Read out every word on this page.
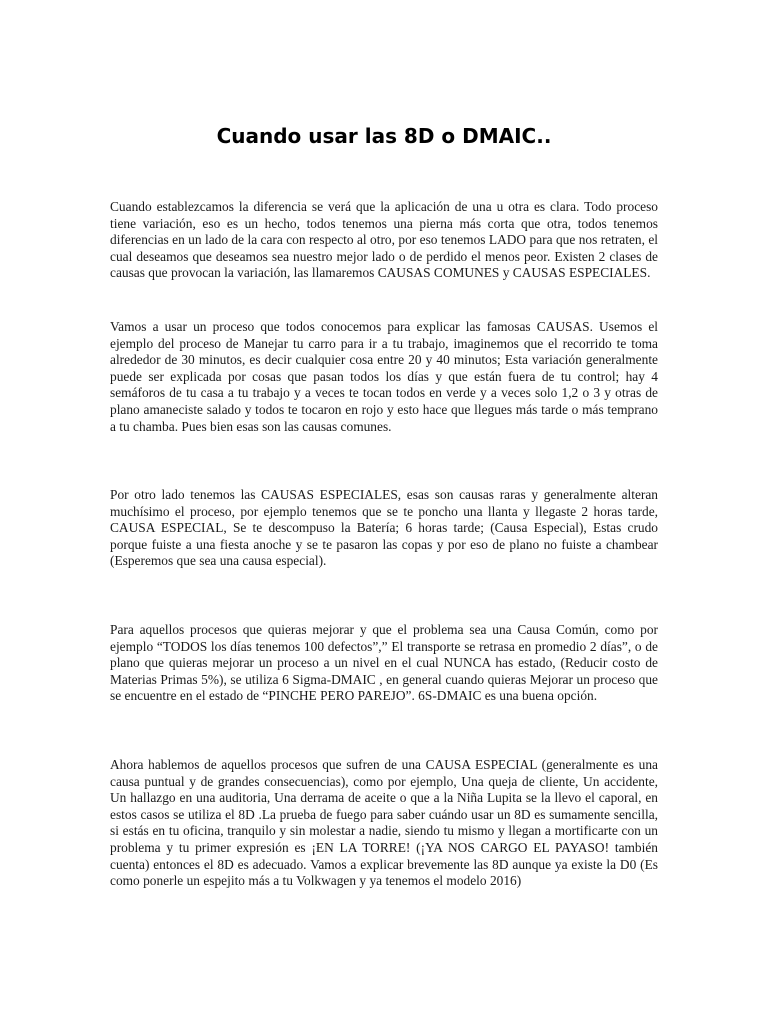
Cuando usar las 8D o DMAIC..

Cuando establezcamos la diferencia se verá que la aplicación de una u otra es clara. Todo proceso tiene variación, eso es un hecho, todos tenemos una pierna más corta que otra, todos tenemos diferencias en un lado de la cara con respecto al otro, por eso tenemos LADO para que nos retraten, el cual deseamos que deseamos sea nuestro mejor lado o de perdido el menos peor. Existen 2 clases de causas que provocan la variación, las llamaremos CAUSAS COMUNES y CAUSAS ESPECIALES.

Vamos a usar un proceso que todos conocemos para explicar las famosas CAUSAS. Usemos el ejemplo del proceso de Manejar tu carro para ir a tu trabajo, imaginemos que el recorrido te toma alrededor de 30 minutos, es decir cualquier cosa entre 20 y 40 minutos; Esta variación generalmente puede ser explicada por cosas que pasan todos los días y que están fuera de tu control; hay 4 semáforos de tu casa a tu trabajo y a veces te tocan todos en verde y a veces solo 1,2 o 3 y otras de plano amaneciste salado y todos te tocaron en rojo y esto hace que llegues más tarde o más temprano a tu chamba. Pues bien esas son las causas comunes.

Por otro lado tenemos las CAUSAS ESPECIALES, esas son causas raras y generalmente alteran muchísimo el proceso, por ejemplo tenemos que se te poncho una llanta y llegaste 2 horas tarde, CAUSA ESPECIAL, Se te descompuso la Batería; 6 horas tarde; (Causa Especial), Estas crudo porque fuiste a una fiesta anoche y se te pasaron las copas y por eso de plano no fuiste a chambear (Esperemos que sea una causa especial).

Para aquellos procesos que quieras mejorar y que el problema sea una Causa Común, como por ejemplo “TODOS los días tenemos 100 defectos”,” El transporte se retrasa en promedio 2 días”, o de plano que quieras mejorar un proceso a un nivel en el cual NUNCA has estado, (Reducir costo de Materias Primas 5%), se utiliza 6 Sigma-DMAIC , en general cuando quieras Mejorar un proceso que se encuentre en el estado de “PINCHE PERO PAREJO”. 6S-DMAIC es una buena opción.

Ahora hablemos de aquellos procesos que sufren de una CAUSA ESPECIAL (generalmente es una causa puntual y de grandes consecuencias), como por ejemplo, Una queja de cliente, Un accidente, Un hallazgo en una auditoria, Una derrama de aceite o que a la Niña Lupita se la llevo el caporal, en estos casos se utiliza el 8D .La prueba de fuego para saber cuándo usar un 8D es sumamente sencilla, si estás en tu oficina, tranquilo y sin molestar a nadie, siendo tu mismo y llegan a mortificarte con un problema y tu primer expresión es ¡EN LA TORRE! (¡YA NOS CARGO EL PAYASO! también cuenta) entonces el 8D es adecuado. Vamos a explicar brevemente las 8D aunque ya existe la D0 (Es como ponerle un espejito más a tu Volkwagen y ya tenemos el modelo 2016)
